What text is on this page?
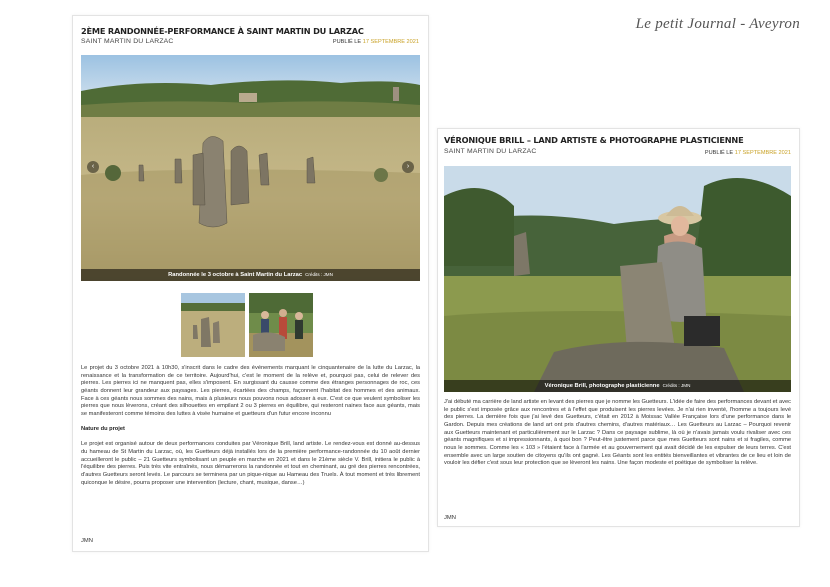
Le petit Journal - Aveyron
2ÈME RANDONNÉE-PERFORMANCE À SAINT MARTIN DU LARZAC
SAINT MARTIN DU LARZAC	PUBLIÉ LE 17 SEPTEMBRE 2021
‹	›
Randonnée le 3 octobre à Saint Martin du Larzac Crédits : JMN

Le projet du 3 octobre 2021 à 10h30, s'inscrit dans le cadre des événements marquant le cinquantenaire de la lutte du Larzac, la renaissance et la transformation de ce territoire. Aujourd'hui, c'est le moment de la relève et, pourquoi pas, celui de relever des pierres. Les pierres ici ne manquent pas, elles s'imposent. En surgissant du causse comme des étranges personnages de roc, ces géants donnent leur grandeur aux paysages. Les pierres, écartées des champs, façonnent l'habitat des hommes et des animaux. Face à ces géants nous sommes des nains, mais à plusieurs nous pouvons nous adosser à eux. C'est ce que veulent symboliser les pierres que nous lèverons, créant des silhouettes en empilant 2 ou 3 pierres en équilibre, qui resteront naines face aux géants, mais se manifesteront comme témoins des luttes à visée humaine et guetteurs d'un futur encore inconnu

Nature du projet

Le projet est organisé autour de deux performances conduites par Véronique Brill, land artiste. Le rendez-vous est donné au-dessus du hameau de St Martin du Larzac, où, les Guetteurs déjà installés lors de la première performance-randonnée du 10 août dernier accueilleront le public – 21 Guetteurs symbolisant un peuple en marche en 2021 et dans le 21ème siècle V. Brill, initiera le public à l'équilibre des pierres. Puis très vite entraînés, nous démarrerons la randonnée et tout en cheminant, au gré des pierres rencontrées, d'autres Guetteurs seront levés. Le parcours se terminera par un pique-nique au Hameau des Truels. À tout moment et très librement quiconque le désire, pourra proposer une intervention (lecture, chant, musique, danse…)

JMN
VÉRONIQUE BRILL – LAND ARTISTE & PHOTOGRAPHE PLASTICIENNE
SAINT MARTIN DU LARZAC	PUBLIÉ LE 17 SEPTEMBRE 2021
Véronique Brill, photographe plasticienne Crédits : JMN

J'ai débuté ma carrière de land artiste en levant des pierres que je nomme les Guetteurs. L'idée de faire des performances devant et avec le public s'est imposée grâce aux rencontres et à l'effet que produisent les pierres levées. Je n'ai rien inventé, l'homme a toujours levé des pierres. La dernière fois que j'ai levé des Guetteurs, c'était en 2012 à Moissac Vallée Française lors d'une performance dans le Gardon. Depuis mes créations de land art ont pris d'autres chemins, d'autres matériaux… Les Guetteurs au Larzac – Pourquoi revenir aux Guetteurs maintenant et particulièrement sur le Larzac ? Dans ce paysage sublime, là où je n'avais jamais voulu rivaliser avec ces géants magnifiques et si impressionnants, à quoi bon ? Peut-être justement parce que mes Guetteurs sont nains et si fragiles, comme nous le sommes. Comme les « 103 » l'étaient face à l'armée et au gouvernement qui avait décidé de les expulser de leurs terres. C'est ensemble avec un large soutien de citoyens qu'ils ont gagné. Les Géants sont les entités bienveillantes et vibrantes de ce lieu et loin de vouloir les défier c'est sous leur protection que se lèveront les nains. Une façon modeste et poétique de symboliser la relève.

JMN
